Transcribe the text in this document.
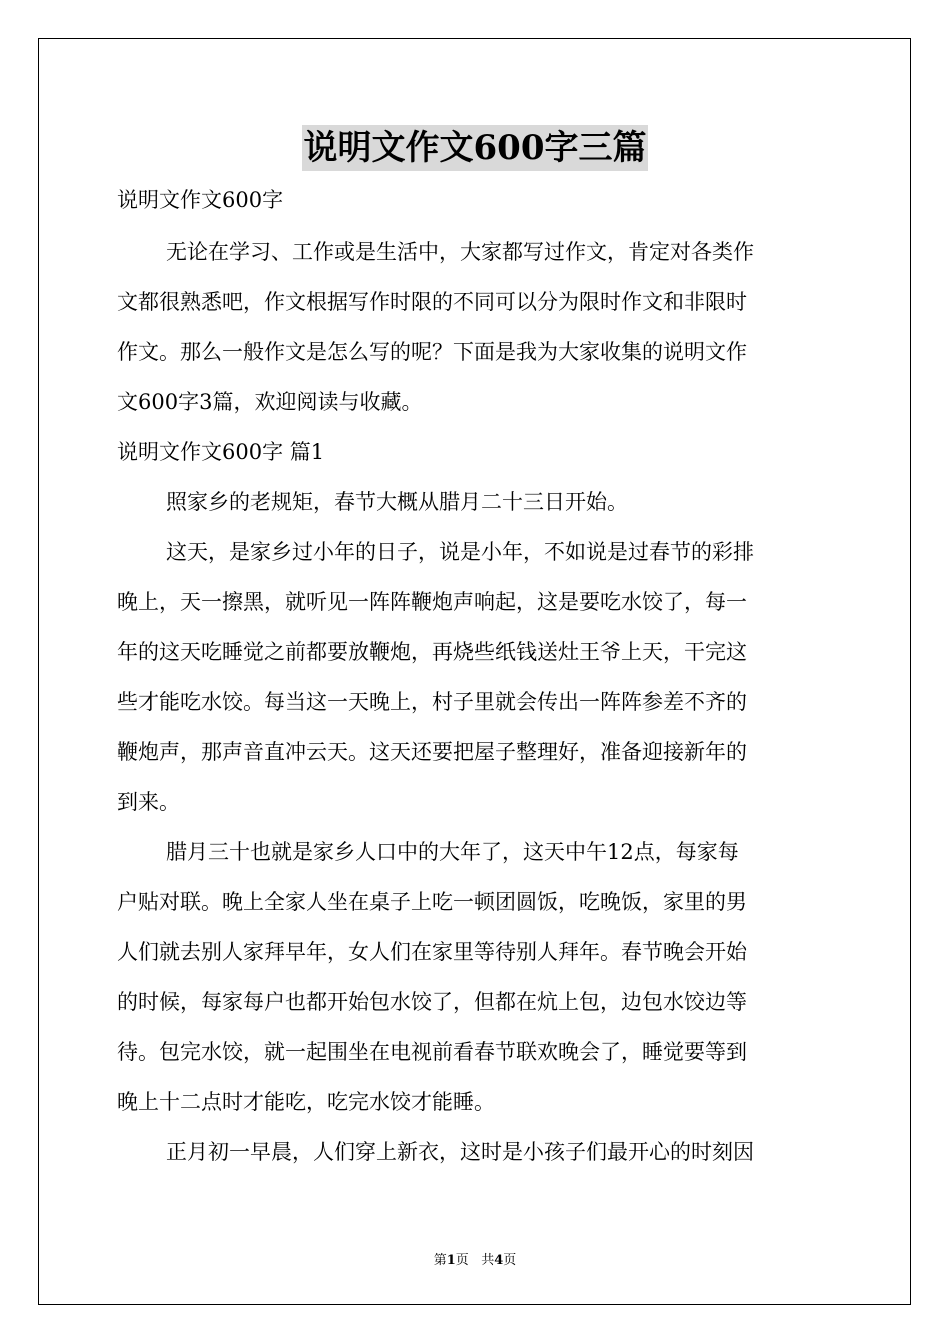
说明文作文600字三篇
说明文作文600字
无论在学习、工作或是生活中，大家都写过作文，肯定对各类作
文都很熟悉吧，作文根据写作时限的不同可以分为限时作文和非限时
作文。那么一般作文是怎么写的呢？下面是我为大家收集的说明文作
文600字3篇，欢迎阅读与收藏。
说明文作文600字 篇1
照家乡的老规矩，春节大概从腊月二十三日开始。
这天，是家乡过小年的日子，说是小年，不如说是过春节的彩排
晚上，天一擦黑，就听见一阵阵鞭炮声响起，这是要吃水饺了，每一
年的这天吃睡觉之前都要放鞭炮，再烧些纸钱送灶王爷上天，干完这
些才能吃水饺。每当这一天晚上，村子里就会传出一阵阵参差不齐的
鞭炮声，那声音直冲云天。这天还要把屋子整理好，准备迎接新年的
到来。
腊月三十也就是家乡人口中的大年了，这天中午12点，每家每
户贴对联。晚上全家人坐在桌子上吃一顿团圆饭，吃晚饭，家里的男
人们就去别人家拜早年，女人们在家里等待别人拜年。春节晚会开始
的时候，每家每户也都开始包水饺了，但都在炕上包，边包水饺边等
待。包完水饺，就一起围坐在电视前看春节联欢晚会了，睡觉要等到
晚上十二点时才能吃，吃完水饺才能睡。
正月初一早晨，人们穿上新衣，这时是小孩子们最开心的时刻因
第1页 共4页
